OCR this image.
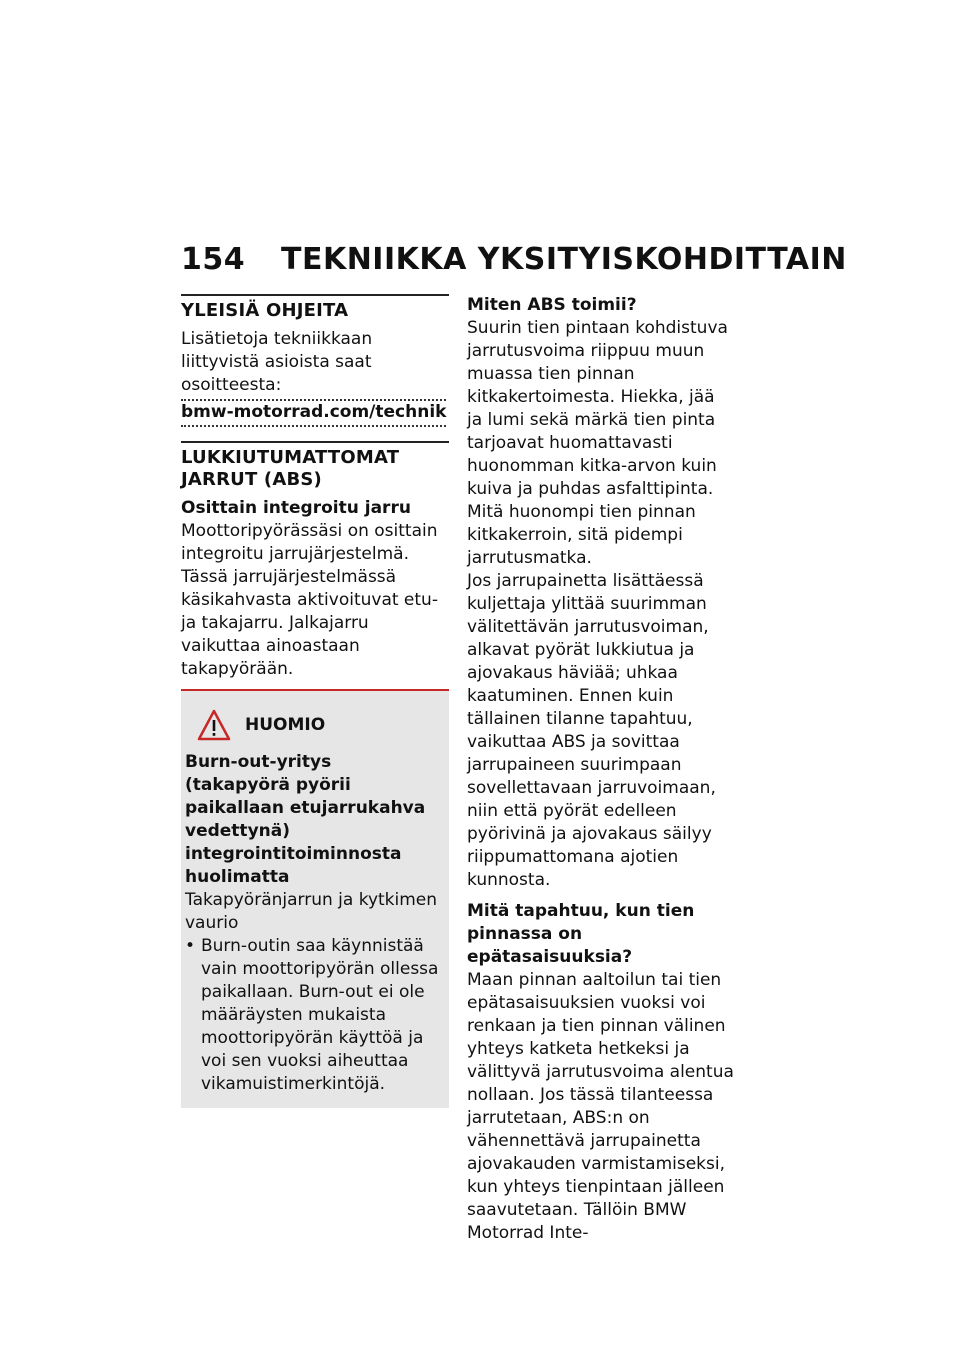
154 TEKNIIKKA YKSITYISKOHDITTAIN
YLEISIÄ OHJEITA

Lisätietoja tekniikkaan liittyvistä asioista saat osoitteesta:

bmw-motorrad.com/technik
LUKKIUTUMATTOMAT JARRUT (ABS)
Osittain integroitu jarru

Moottoripyörässäsi on osittain integroitu jarrujärjestelmä. Tässä jarrujärjestelmässä käsikahvasta aktivoituvat etu- ja takajarru. Jalkajarru vaikuttaa ainoastaan takapyörään.

HUOMIO
Burn-out-yritys (takapyörä pyörii paikallaan etujarrukahva vedettynä) integrointitoiminnosta huolimatta

Takapyöränjarrun ja kytkimen vaurio

• Burn-outin saa käynnistää vain moottoripyörän ollessa paikallaan. Burn-out ei ole määräysten mukaista moottoripyörän käyttöä ja voi sen vuoksi aiheuttaa vikamuistimerkintöjä.
Miten ABS toimii?

Suurin tien pintaan kohdistuva jarrutusvoima riippuu muun muassa tien pinnan kitkakertoimesta. Hiekka, jää ja lumi sekä märkä tien pinta tarjoavat huomattavasti huonomman kitka-arvon kuin kuiva ja puhdas asfalttipinta. Mitä huonompi tien pinnan kitkakerroin, sitä pidempi jarrutusmatka.

Jos jarrupainetta lisättäessä kuljettaja ylittää suurimman välitettävän jarrutusvoiman, alkavat pyörät lukkiutua ja ajovakaus häviää; uhkaa kaatuminen. Ennen kuin tällainen tilanne tapahtuu, vaikuttaa ABS ja sovittaa jarrupaineen suurimpaan sovellettavaan jarruvoimaan, niin että pyörät edelleen pyörivinä ja ajovakaus säilyy riippumattomana ajotien kunnosta.

Mitä tapahtuu, kun tien pinnassa on epätasaisuuksia?

Maan pinnan aaltoilun tai tien epätasaisuuksien vuoksi voi renkaan ja tien pinnan välinen yhteys katketa hetkeksi ja välittyvä jarrutusvoima alentua nollaan. Jos tässä tilanteessa jarrutetaan, ABS:n on vähennettävä jarrupainetta ajovakauden varmistamiseksi, kun yhteys tienpintaan jälleen saavutetaan. Tällöin BMW Motorrad Inte-
